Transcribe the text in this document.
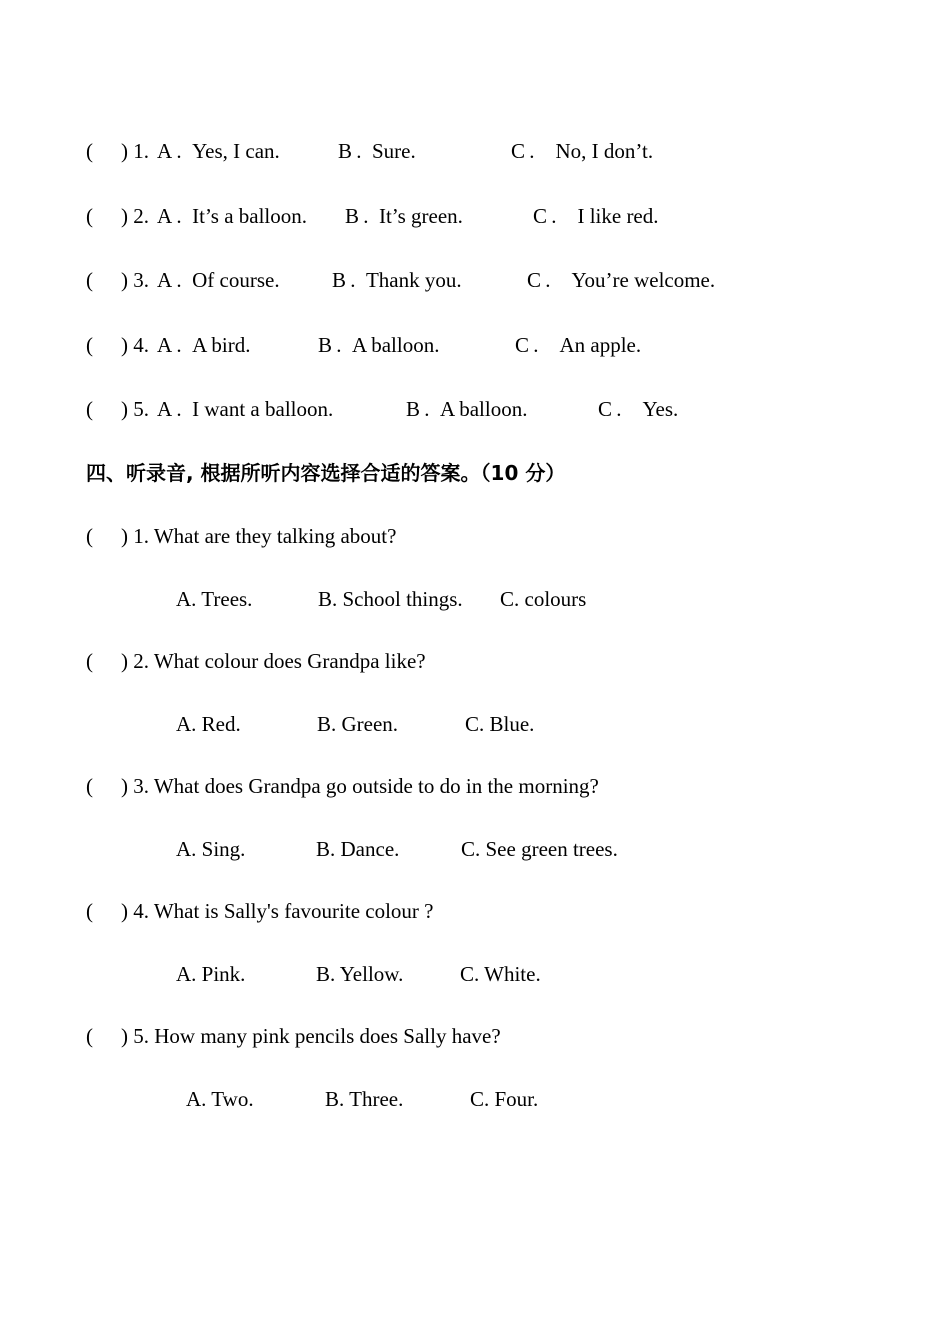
( ) 1. A . Yes, I can.	B . Sure.	C . No, I don’t.
( ) 2. A . It’s a balloon. B . It’s green.	C . I like red.
( ) 3. A . Of course. B . Thank you.	C . You’re welcome.
( ) 4. A . A bird.	B . A balloon.	C . An apple.
( ) 5. A . I want a balloon.	B . A balloon.	C . Yes.
四、听录音, 根据所听内容选择合适的答案。（10 分）
( ) 1. What are they talking about?
A. Trees.	B. School things. C. colours
( ) 2. What colour does Grandpa like?
A. Red.	B. Green.	C. Blue.
( ) 3. What does Grandpa go outside to do in the morning?
A. Sing.	B. Dance.	C. See green trees.
( ) 4. What is Sally's favourite colour ?
A. Pink.	B. Yellow.	C. White.
( ) 5. How many pink pencils does Sally have?
A. Two.	B. Three.	C. Four.
